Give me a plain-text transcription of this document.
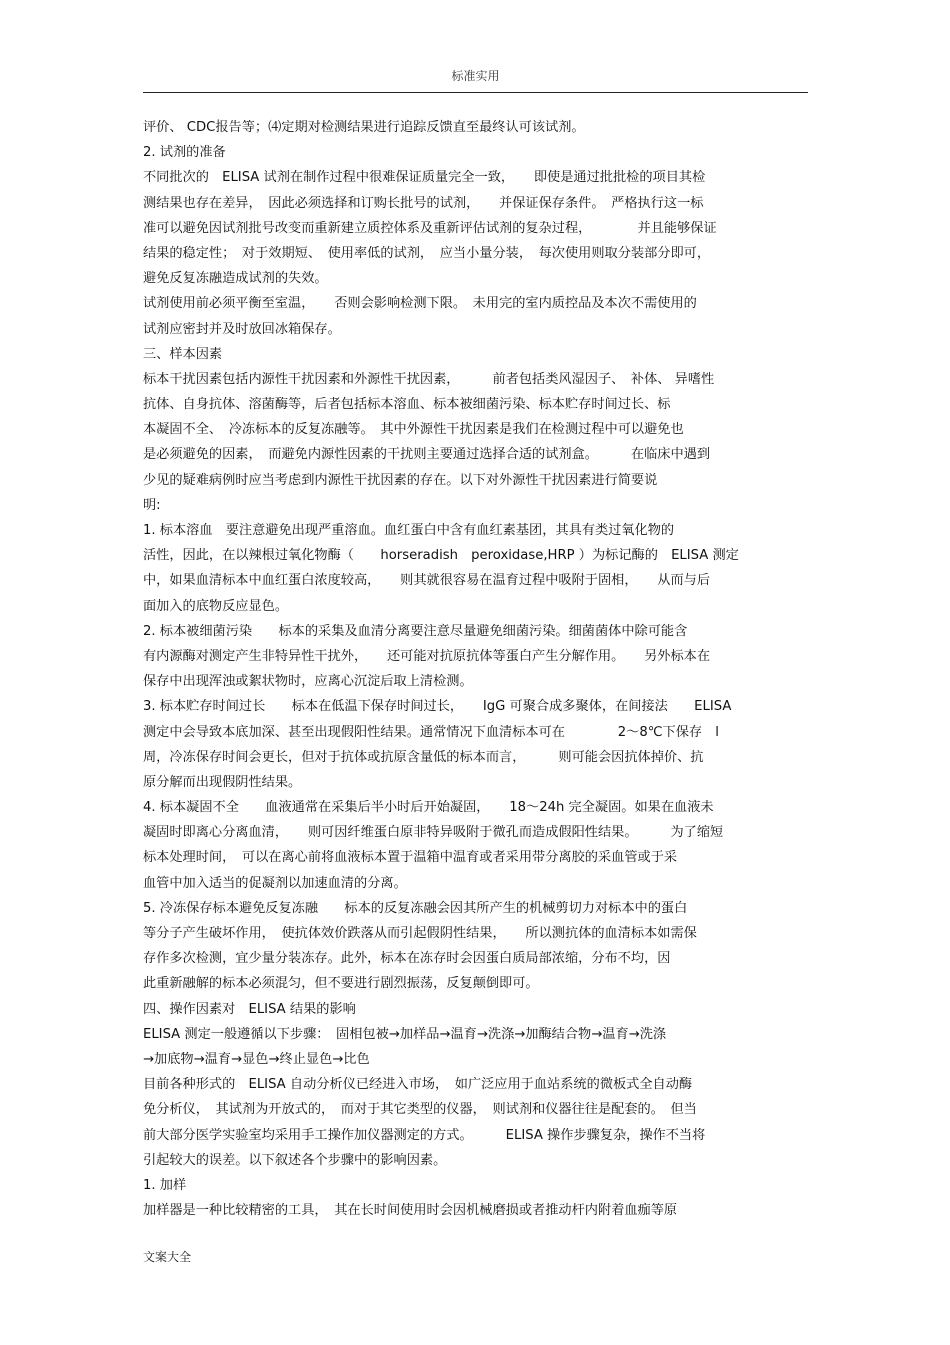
标准实用
评价、 CDC报告等；⑷定期对检测结果进行追踪反馈直至最终认可该试剂。
2. 试剂的准备
不同批次的　ELISA 试剂在制作过程中很难保证质量完全一致，　　即使是通过批批检的项目其检
测结果也存在差异，　因此必须选择和订购长批号的试剂，　　并保证保存条件。　严格执行这一标
准可以避免因试剂批号改变而重新建立质控体系及重新评估试剂的复杂过程，　　　　并且能够保证
结果的稳定性；　对于效期短、　使用率低的试剂，　应当小量分装，　每次使用则取分装部分即可，
避免反复冻融造成试剂的失效。
试剂使用前必须平衡至室温，　　否则会影响检测下限。　未用完的室内质控品及本次不需使用的
试剂应密封并及时放回冰箱保存。
三、样本因素
标本干扰因素包括内源性干扰因素和外源性干扰因素，　　　前者包括类风湿因子、　补体、 异嗜性
抗体、自身抗体、溶菌酶等，后者包括标本溶血、标本被细菌污染、标本贮存时间过长、标
本凝固不全、　冷冻标本的反复冻融等。　其中外源性干扰因素是我们在检测过程中可以避免也
是必须避免的因素，　而避免内源性因素的干扰则主要通过选择合适的试剂盒。　　　在临床中遇到
少见的疑难病例时应当考虑到内源性干扰因素的存在。以下对外源性干扰因素进行简要说
明:
1. 标本溶血　要注意避免出现严重溶血。血红蛋白中含有血红素基团，其具有类过氧化物的
活性，因此，在以辣根过氧化物酶（　　horseradish　peroxidase,HRP ）为标记酶的　ELISA 测定
中，如果血清标本中血红蛋白浓度较高，　　则其就很容易在温育过程中吸附于固相，　　从而与后
面加入的底物反应显色。
2. 标本被细菌污染　　标本的采集及血清分离要注意尽量避免细菌污染。细菌菌体中除可能含
有内源酶对测定产生非特异性干扰外，　　还可能对抗原抗体等蛋白产生分解作用。　　另外标本在
保存中出现浑浊或絮状物时，应离心沉淀后取上清检测。
3. 标本贮存时间过长　　标本在低温下保存时间过长，　　IgG 可聚合成多聚体，在间接法　　ELISA
测定中会导致本底加深、甚至出现假阳性结果。通常情况下血清标本可在　　　　2～8℃下保存　l
周，冷冻保存时间会更长，但对于抗体或抗原含量低的标本而言，　　　则可能会因抗体掉价、抗
原分解而出现假阴性结果。
4. 标本凝固不全　　血液通常在采集后半小时后开始凝固，　　18～24h 完全凝固。如果在血液未
凝固时即离心分离血清，　　则可因纤维蛋白原非特异吸附于微孔而造成假阳性结果。　　　为了缩短
标本处理时间，　可以在离心前将血液标本置于温箱中温育或者采用带分离胶的采血管或于采
血管中加入适当的促凝剂以加速血清的分离。
5. 冷冻保存标本避免反复冻融　　标本的反复冻融会因其所产生的机械剪切力对标本中的蛋白
等分子产生破坏作用，　使抗体效价跌落从而引起假阴性结果，　　所以测抗体的血清标本如需保
存作多次检测，宜少量分装冻存。此外，标本在冻存时会因蛋白质局部浓缩，分布不均，因
此重新融解的标本必须混匀，但不要进行剧烈振荡，反复颠倒即可。
四、操作因素对　ELISA 结果的影响
ELISA 测定一般遵循以下步骤：　固相包被→加样品→温育→洗涤→加酶结合物→温育→洗涤
→加底物→温育→显色→终止显色→比色
目前各种形式的　ELISA 自动分析仪已经进入市场，　如广泛应用于血站系统的微板式全自动酶
免分析仪，　其试剂为开放式的，　而对于其它类型的仪器，　则试剂和仪器往往是配套的。　但当
前大部分医学实验室均采用手工操作加仪器测定的方式。　　　ELISA 操作步骤复杂，操作不当将
引起较大的误差。以下叙述各个步骤中的影响因素。
1. 加样
加样器是一种比较精密的工具，　其在长时间使用时会因机械磨损或者推动杆内附着血痂等原
文案大全
